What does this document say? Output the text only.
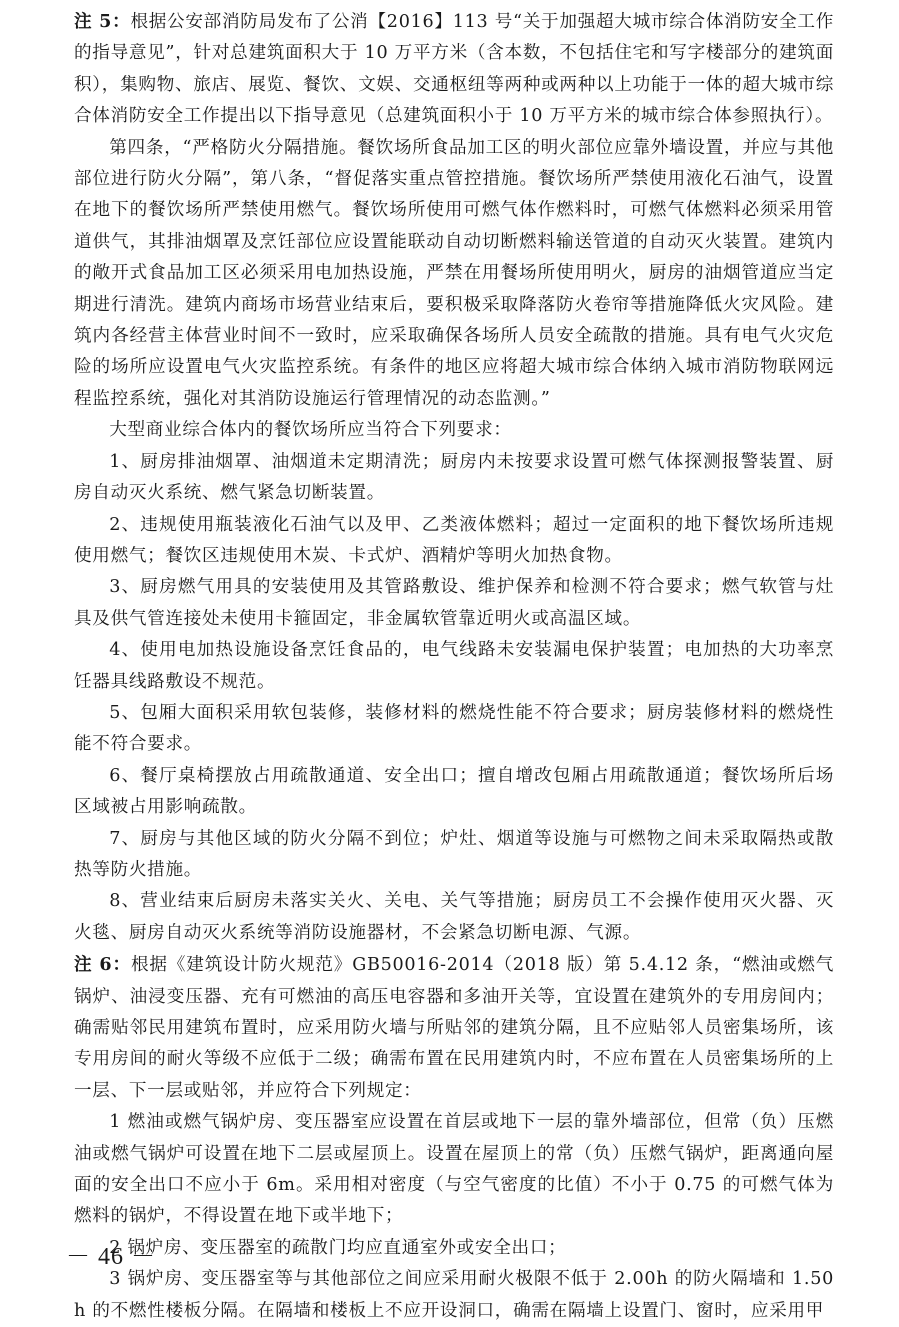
注 5：根据公安部消防局发布了公消【2016】113 号“关于加强超大城市综合体消防安全工作的指导意见”，针对总建筑面积大于 10 万平方米（含本数，不包括住宅和写字楼部分的建筑面积），集购物、旅店、展览、餐饮、文娱、交通枢纽等两种或两种以上功能于一体的超大城市综合体消防安全工作提出以下指导意见（总建筑面积小于 10 万平方米的城市综合体参照执行）。

第四条，“严格防火分隔措施。餐饮场所食品加工区的明火部位应靠外墙设置，并应与其他部位进行防火分隔”，第八条，“督促落实重点管控措施。餐饮场所严禁使用液化石油气，设置在地下的餐饮场所严禁使用燃气。餐饮场所使用可燃气体作燃料时，可燃气体燃料必须采用管道供气，其排油烟罩及烹饪部位应设置能联动自动切断燃料输送管道的自动灭火装置。建筑内的敞开式食品加工区必须采用电加热设施，严禁在用餐场所使用明火，厨房的油烟管道应当定期进行清洗。建筑内商场市场营业结束后，要积极采取降落防火卷帘等措施降低火灾风险。建筑内各经营主体营业时间不一致时，应采取确保各场所人员安全疏散的措施。具有电气火灾危险的场所应设置电气火灾监控系统。有条件的地区应将超大城市综合体纳入城市消防物联网远程监控系统，强化对其消防设施运行管理情况的动态监测。”

大型商业综合体内的餐饮场所应当符合下列要求：

1、厨房排油烟罩、油烟道未定期清洗；厨房内未按要求设置可燃气体探测报警装置、厨房自动灭火系统、燃气紧急切断装置。

2、违规使用瓶装液化石油气以及甲、乙类液体燃料；超过一定面积的地下餐饮场所违规使用燃气；餐饮区违规使用木炭、卡式炉、酒精炉等明火加热食物。

3、厨房燃气用具的安装使用及其管路敷设、维护保养和检测不符合要求；燃气软管与灶具及供气管连接处未使用卡箍固定，非金属软管靠近明火或高温区域。

4、使用电加热设施设备烹饪食品的，电气线路未安装漏电保护装置；电加热的大功率烹饪器具线路敷设不规范。

5、包厢大面积采用软包装修，装修材料的燃烧性能不符合要求；厨房装修材料的燃烧性能不符合要求。

6、餐厅桌椅摆放占用疏散通道、安全出口；擅自增改包厢占用疏散通道；餐饮场所后场区域被占用影响疏散。

7、厨房与其他区域的防火分隔不到位；炉灶、烟道等设施与可燃物之间未采取隔热或散热等防火措施。

8、营业结束后厨房未落实关火、关电、关气等措施；厨房员工不会操作使用灭火器、灭火毯、厨房自动灭火系统等消防设施器材，不会紧急切断电源、气源。

注 6：根据《建筑设计防火规范》GB50016-2014（2018 版）第 5.4.12 条，“燃油或燃气锅炉、油浸变压器、充有可燃油的高压电容器和多油开关等，宜设置在建筑外的专用房间内；确需贴邻民用建筑布置时，应采用防火墙与所贴邻的建筑分隔，且不应贴邻人员密集场所，该专用房间的耐火等级不应低于二级；确需布置在民用建筑内时，不应布置在人员密集场所的上一层、下一层或贴邻，并应符合下列规定：

1 燃油或燃气锅炉房、变压器室应设置在首层或地下一层的靠外墙部位，但常（负）压燃油或燃气锅炉可设置在地下二层或屋顶上。设置在屋顶上的常（负）压燃气锅炉，距离通向屋面的安全出口不应小于 6m。采用相对密度（与空气密度的比值）不小于 0.75 的可燃气体为燃料的锅炉，不得设置在地下或半地下；

2 锅炉房、变压器室的疏散门均应直通室外或安全出口；

3 锅炉房、变压器室等与其他部位之间应采用耐火极限不低于 2.00h 的防火隔墙和 1.50h 的不燃性楼板分隔。在隔墙和楼板上不应开设洞口，确需在隔墙上设置门、窗时，应采用甲

－ 46 －
